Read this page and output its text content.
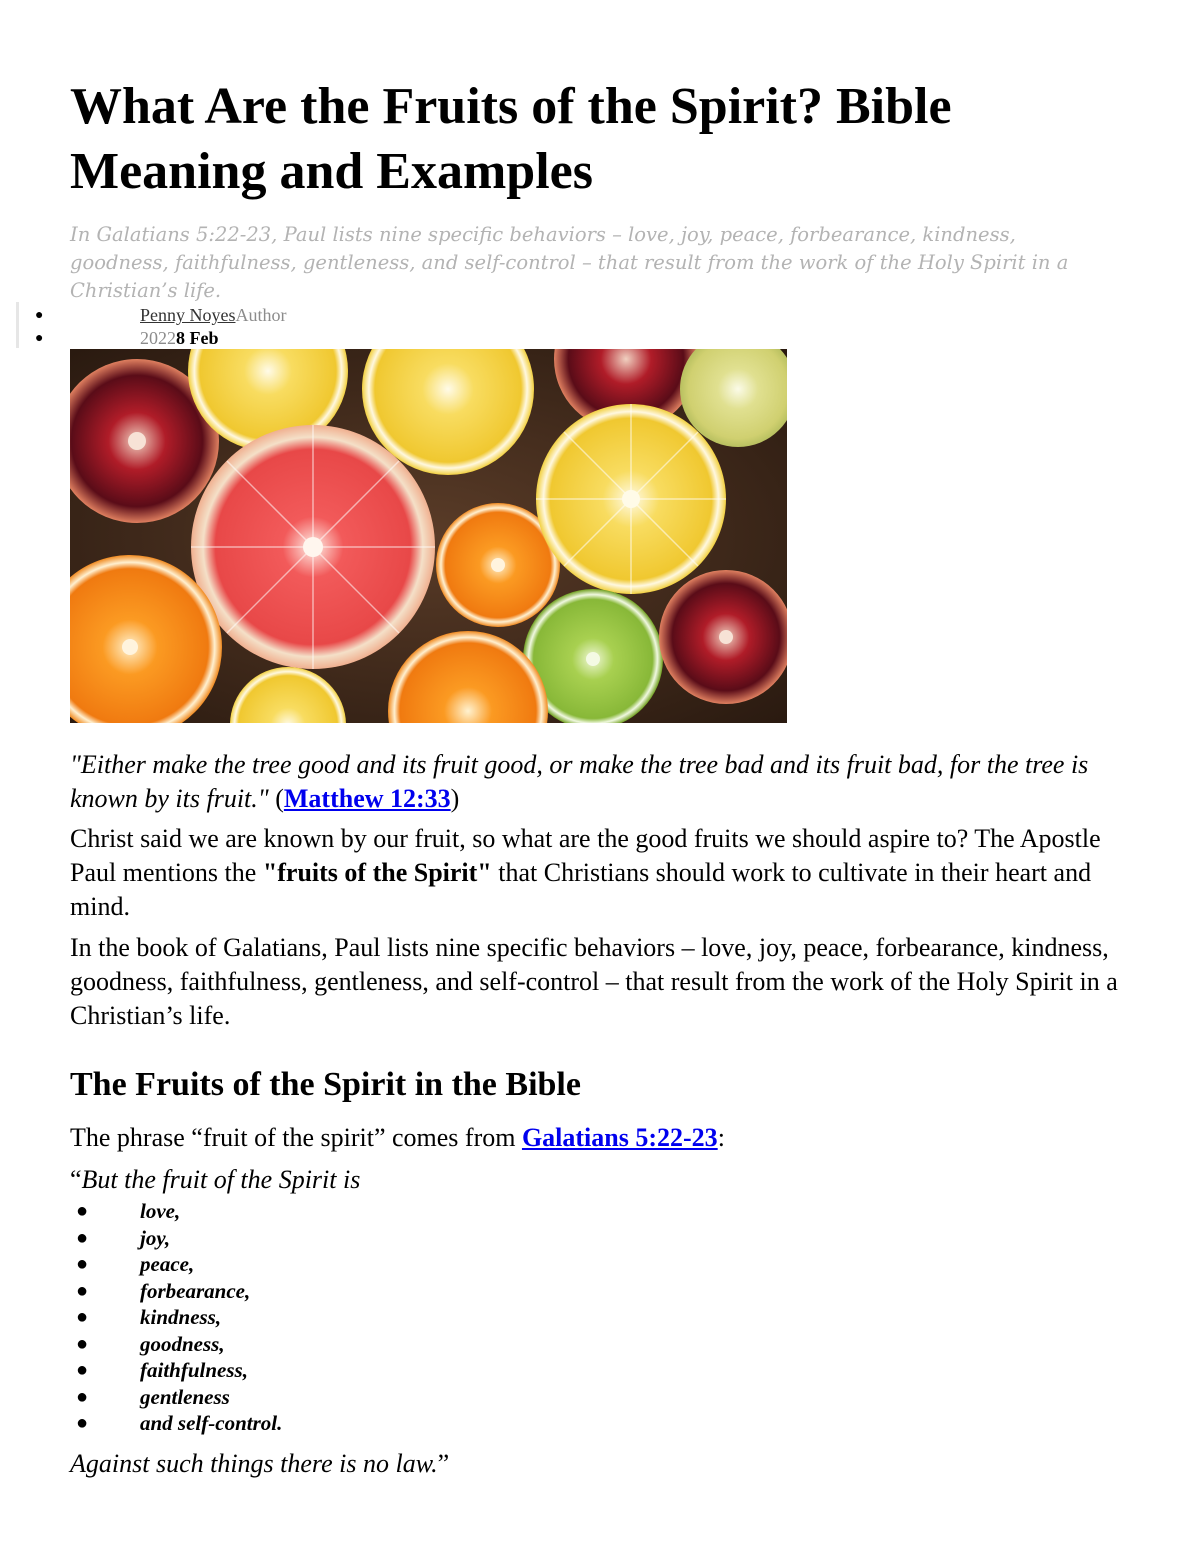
What Are the Fruits of the Spirit? Bible Meaning and Examples

In Galatians 5:22-23, Paul lists nine specific behaviors – love, joy, peace, forbearance, kindness, goodness, faithfulness, gentleness, and self-control – that result from the work of the Holy Spirit in a Christian’s life.

●	Penny NoyesAuthor
●	20228 Feb

"Either make the tree good and its fruit good, or make the tree bad and its fruit bad, for the tree is known by its fruit." (Matthew 12:33)

Christ said we are known by our fruit, so what are the good fruits we should aspire to? The Apostle Paul mentions the "fruits of the Spirit" that Christians should work to cultivate in their heart and mind.

In the book of Galatians, Paul lists nine specific behaviors – love, joy, peace, forbearance, kindness, goodness, faithfulness, gentleness, and self-control – that result from the work of the Holy Spirit in a Christian’s life.

The Fruits of the Spirit in the Bible

The phrase “fruit of the spirit” comes from Galatians 5:22-23:

“But the fruit of the Spirit is

● love,
● joy,
● peace,
● forbearance,
● kindness,
● goodness,
● faithfulness,
● gentleness
● and self-control.

Against such things there is no law.”
